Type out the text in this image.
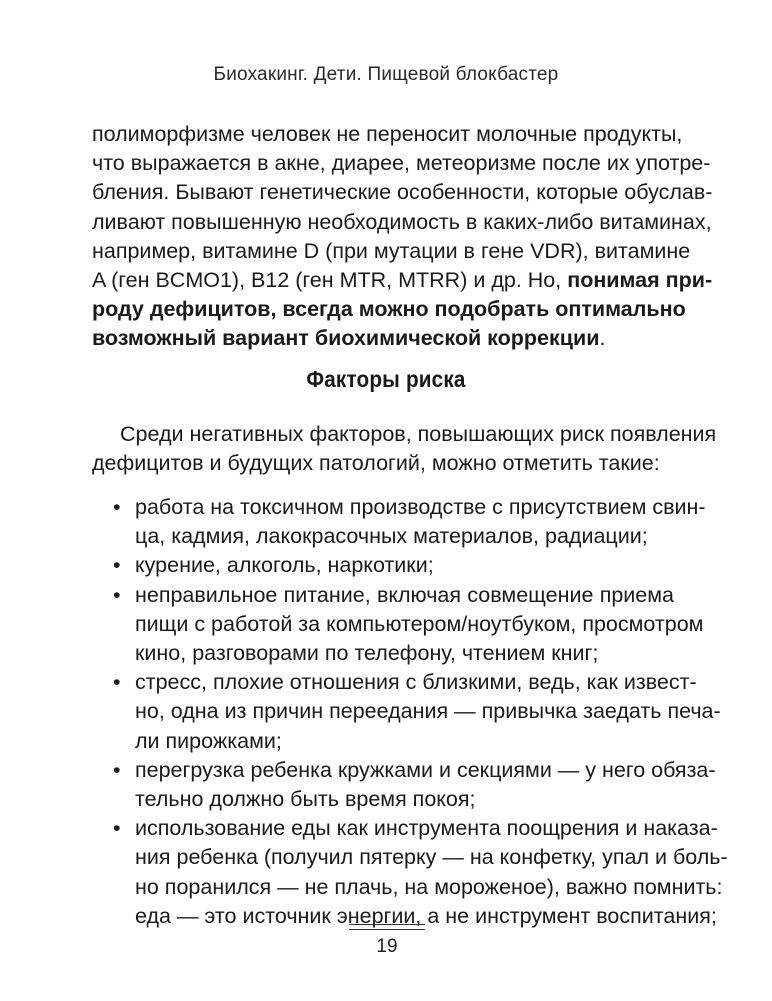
Биохакинг. Дети. Пищевой блокбастер
полиморфизме человек не переносит молочные продукты,
что выражается в акне, диарее, метеоризме после их употре-
бления. Бывают генетические особенности, которые обуслав-
ливают повышенную необходимость в каких-либо витаминах,
например, витамине D (при мутации в гене VDR), витамине
A (ген BCMO1), B12 (ген MTR, MTRR) и др. Но, понимая при-
роду дефицитов, всегда можно подобрать оптимально
возможный вариант биохимической коррекции.
Факторы риска
Среди негативных факторов, повышающих риск появления
дефицитов и будущих патологий, можно отметить такие:
• работа на токсичном производстве с присутствием свин-
ца, кадмия, лакокрасочных материалов, радиации;
• курение, алкоголь, наркотики;
• неправильное питание, включая совмещение приема
пищи с работой за компьютером/ноутбуком, просмотром
кино, разговорами по телефону, чтением книг;
• стресс, плохие отношения с близкими, ведь, как извест-
но, одна из причин переедания — привычка заедать печа-
ли пирожками;
• перегрузка ребенка кружками и секциями — у него обяза-
тельно должно быть время покоя;
• использование еды как инструмента поощрения и наказа-
ния ребенка (получил пятерку — на конфетку, упал и боль-
но поранился — не плачь, на мороженое), важно помнить:
еда — это источник энергии, а не инструмент воспитания;
19
